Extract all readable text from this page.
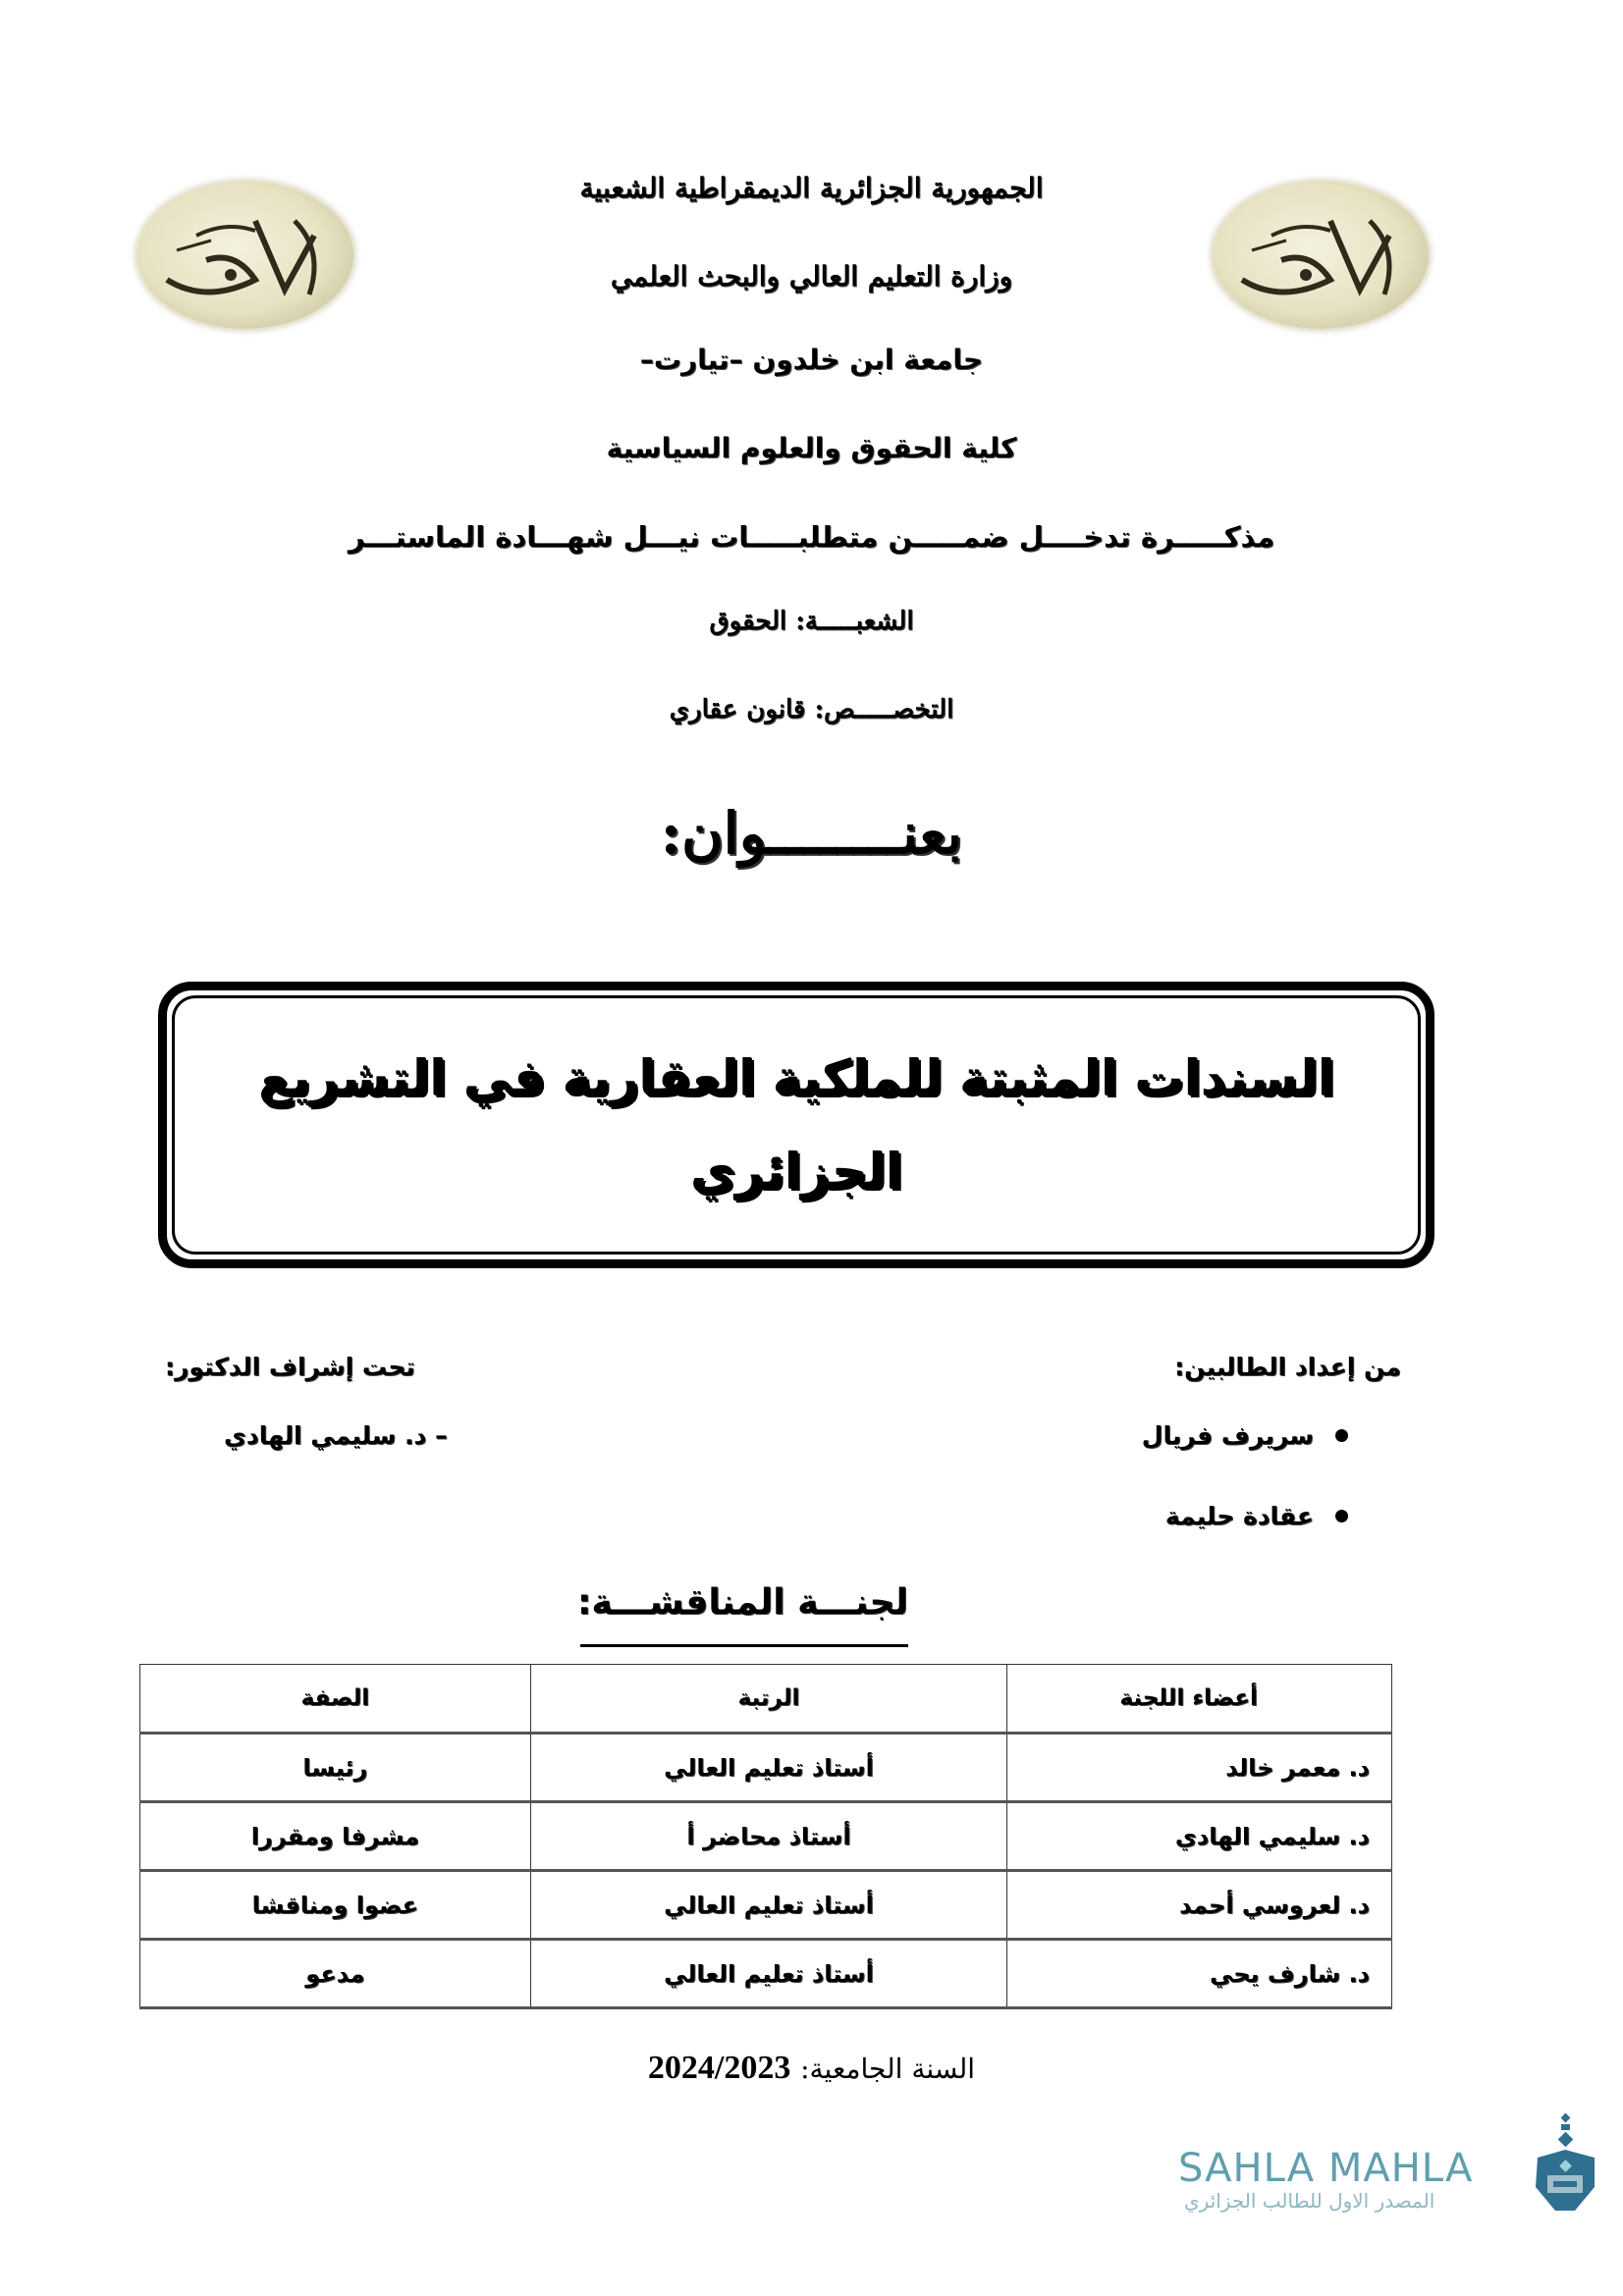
الجمهورية الجزائرية الديمقراطية الشعبية
وزارة التعليم العالي والبحث العلمي
جامعة ابن خلدون –تيارت–
كلية الحقوق والعلوم السياسية
مذكـــــرة تدخــــل ضمـــــن متطلبـــــات نيـــل شهـــادة الماستـــر
الشعبـــــة: الحقوق
التخصـــــص: قانون عقاري
بعنــــــــوان:
السندات المثبتة للملكية العقارية في التشريع
الجزائري
من إعداد الطالبين:
سريرف فريال
عقادة حليمة
تحت إشراف الدكتور:
– د. سليمي الهادي
لجنـــة المناقشـــة:
أعضاء اللجنة	الرتبة	الصفة
د. معمر خالد	أستاذ تعليم العالي	رئيسا
د. سليمي الهادي	أستاذ محاضر أ	مشرفا ومقررا
د. لعروسي أحمد	أستاذ تعليم العالي	عضوا ومناقشا
د. شارف يحي	أستاذ تعليم العالي	مدعو
السنة الجامعية: 2024/2023
SAHLA MAHLA
المصدر الاول للطالب الجزائري
